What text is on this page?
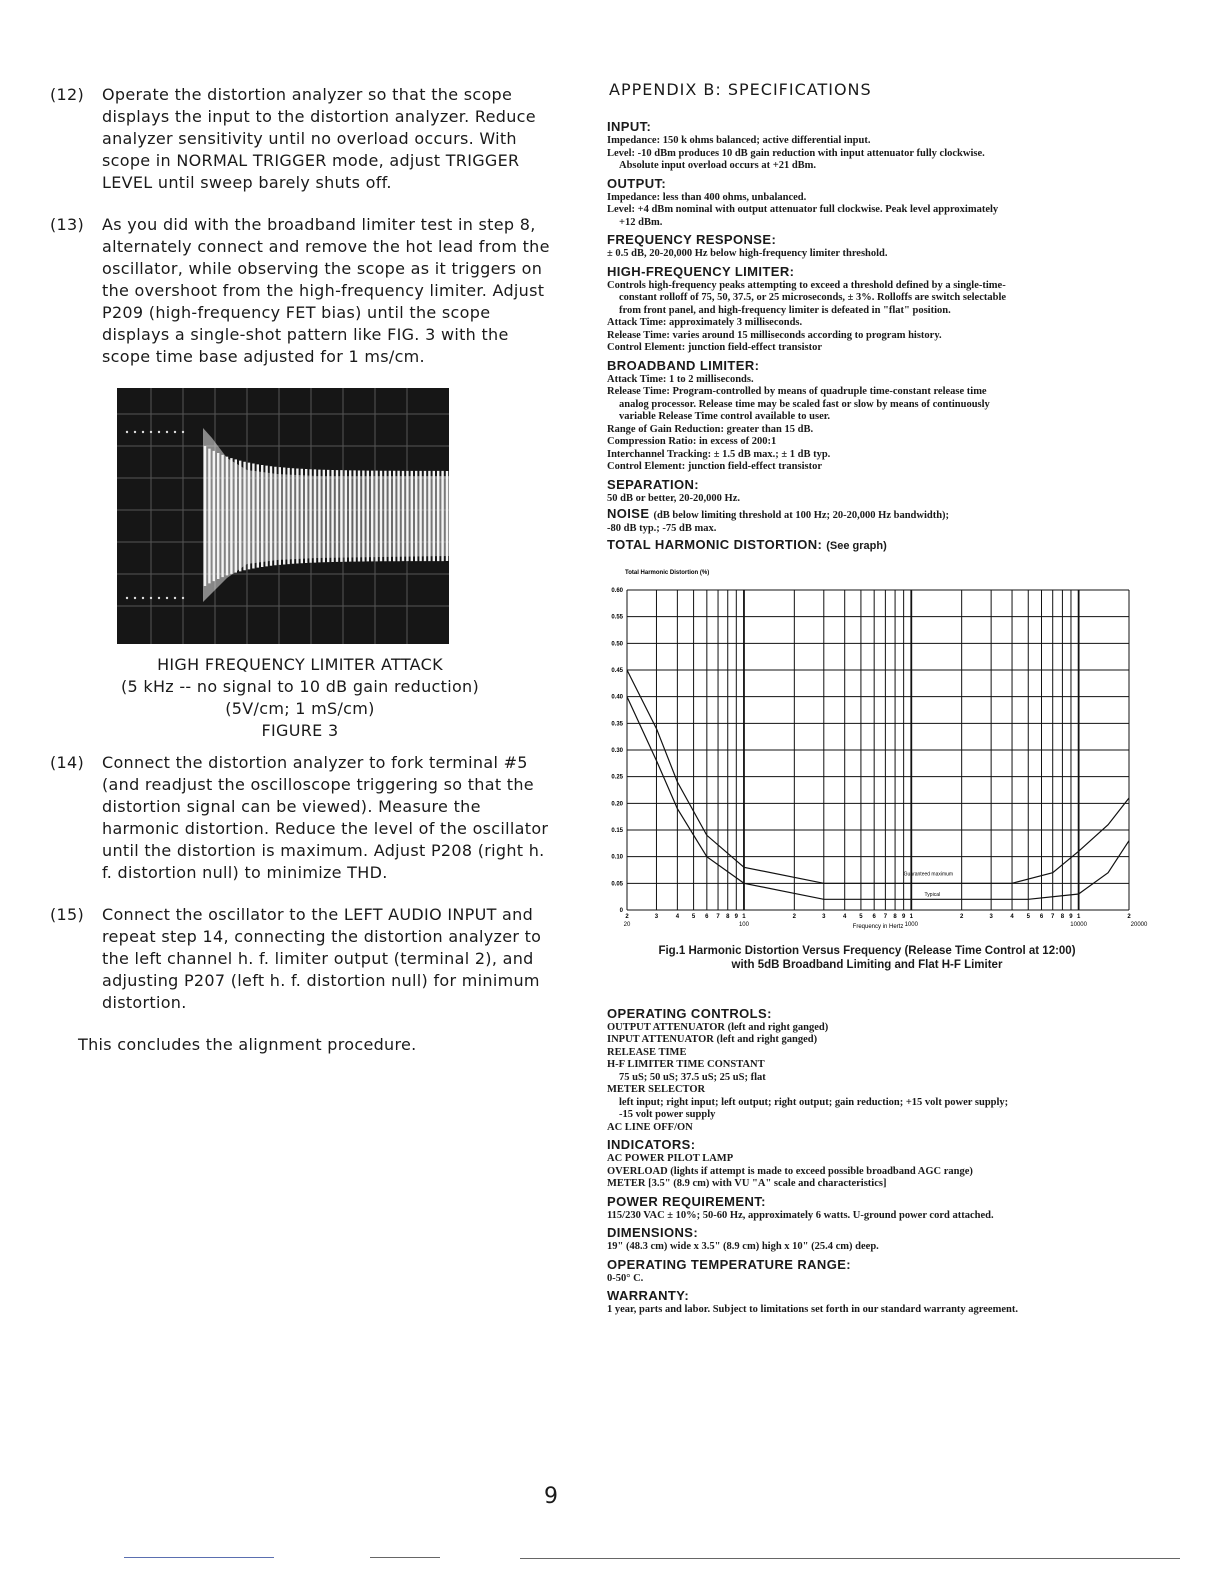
(12) Operate the distortion analyzer so that the scope displays the input to the distortion analyzer. Reduce analyzer sensitivity until no overload occurs. With scope in NORMAL TRIGGER mode, adjust TRIGGER LEVEL until sweep barely shuts off.

(13) As you did with the broadband limiter test in step 8, alternately connect and remove the hot lead from the oscillator, while observing the scope as it triggers on the overshoot from the high-frequency limiter. Adjust P209 (high-frequency FET bias) until the scope displays a single-shot pattern like FIG. 3 with the scope time base adjusted for 1 ms/cm.

HIGH FREQUENCY LIMITER ATTACK
(5 kHz -- no signal to 10 dB gain reduction)
(5V/cm; 1 mS/cm)
FIGURE 3
(14) Connect the distortion analyzer to fork terminal #5 (and readjust the oscilloscope triggering so that the distortion signal can be viewed). Measure the harmonic distortion. Reduce the level of the oscillator until the distortion is maximum. Adjust P208 (right h. f. distortion null) to minimize THD.

(15) Connect the oscillator to the LEFT AUDIO INPUT and repeat step 14, connecting the distortion analyzer to the left channel h. f. limiter output (terminal 2), and adjusting P207 (left h. f. distortion null) for minimum distortion.

This concludes the alignment procedure.
APPENDIX B: SPECIFICATIONS
INPUT:
Impedance: 150 k ohms balanced; active differential input.
Level: -10 dBm produces 10 dB gain reduction with input attenuator fully clockwise.
Absolute input overload occurs at +21 dBm.
OUTPUT:
Impedance: less than 400 ohms, unbalanced.
Level: +4 dBm nominal with output attenuator full clockwise. Peak level approximately
+12 dBm.
FREQUENCY RESPONSE:
± 0.5 dB, 20-20,000 Hz below high-frequency limiter threshold.
HIGH-FREQUENCY LIMITER:
Controls high-frequency peaks attempting to exceed a threshold defined by a single-time-
constant rolloff of 75, 50, 37.5, or 25 microseconds, ± 3%. Rolloffs are switch selectable
from front panel, and high-frequency limiter is defeated in "flat" position.
Attack Time: approximately 3 milliseconds.
Release Time: varies around 15 milliseconds according to program history.
Control Element: junction field-effect transistor
BROADBAND LIMITER:
Attack Time: 1 to 2 milliseconds.
Release Time: Program-controlled by means of quadruple time-constant release time
analog processor. Release time may be scaled fast or slow by means of continuously
variable Release Time control available to user.
Range of Gain Reduction: greater than 15 dB.
Compression Ratio: in excess of 200:1
Interchannel Tracking: ± 1.5 dB max.; ± 1 dB typ.
Control Element: junction field-effect transistor
SEPARATION:
50 dB or better, 20-20,000 Hz.
NOISE (dB below limiting threshold at 100 Hz; 20-20,000 Hz bandwidth);
-80 dB typ.; -75 dB max.
TOTAL HARMONIC DISTORTION: (See graph)
Total Harmonic Distortion (%)
0
0.05
0.10
0.15
0.20
0.25
0.30
0.35
0.40
0.45
0.50
0.55
0.60
2	3	4 5 6 7 8 9 1	2	3	4 5 6 7 8 9 1	2	3	4 5 6 7 8 9 1	2
20	100	1000	10000	20000
Frequency in Hertz
Guaranteed maximum
Typical
Fig.1 Harmonic Distortion Versus Frequency (Release Time Control at 12:00)
with 5dB Broadband Limiting and Flat H-F Limiter
OPERATING CONTROLS:
OUTPUT ATTENUATOR (left and right ganged)
INPUT ATTENUATOR (left and right ganged)
RELEASE TIME
H-F LIMITER TIME CONSTANT
75 uS; 50 uS; 37.5 uS; 25 uS; flat
METER SELECTOR
left input; right input; left output; right output; gain reduction; +15 volt power supply;
-15 volt power supply
AC LINE OFF/ON
INDICATORS:
AC POWER PILOT LAMP
OVERLOAD (lights if attempt is made to exceed possible broadband AGC range)
METER [3.5" (8.9 cm) with VU "A" scale and characteristics]
POWER REQUIREMENT:
115/230 VAC ± 10%; 50-60 Hz, approximately 6 watts. U-ground power cord attached.
DIMENSIONS:
19" (48.3 cm) wide x 3.5" (8.9 cm) high x 10" (25.4 cm) deep.
OPERATING TEMPERATURE RANGE:
0-50° C.
WARRANTY:
1 year, parts and labor. Subject to limitations set forth in our standard warranty agreement.
9
